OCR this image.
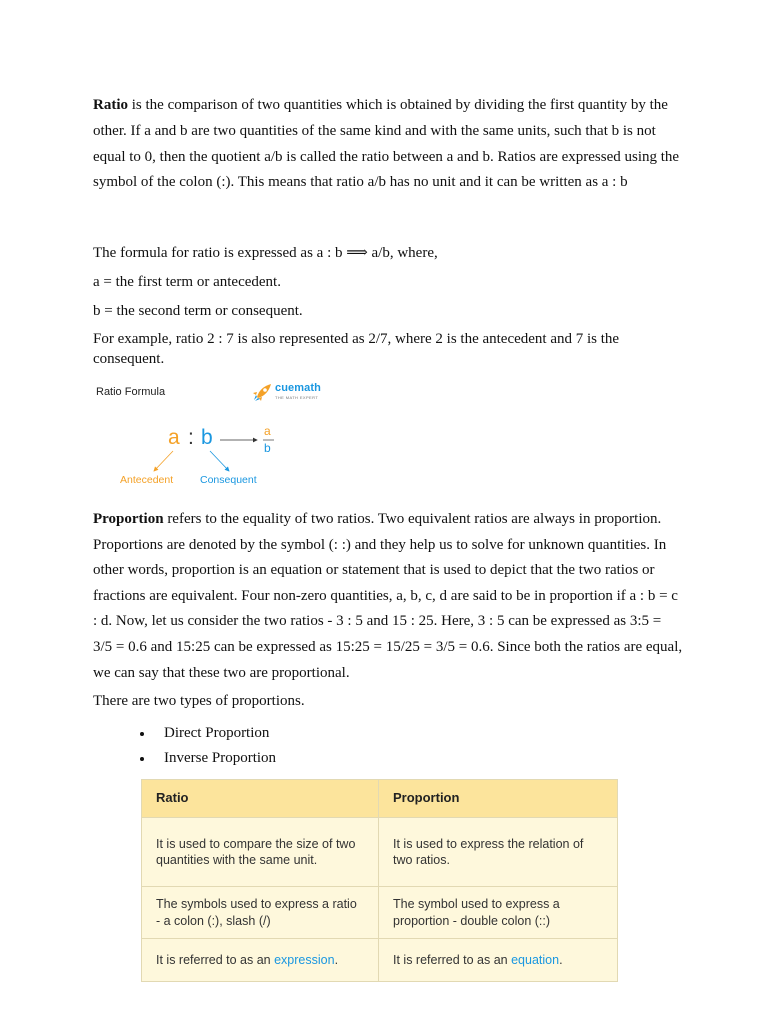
Ratio is the comparison of two quantities which is obtained by dividing the first quantity by the other. If a and b are two quantities of the same kind and with the same units, such that b is not equal to 0, then the quotient a/b is called the ratio between a and b. Ratios are expressed using the symbol of the colon (:). This means that ratio a/b has no unit and it can be written as a : b

The formula for ratio is expressed as a : b ⟹ a/b, where,

a = the first term or antecedent.

b = the second term or consequent.

For example, ratio 2 : 7 is also represented as 2/7, where 2 is the antecedent and 7 is the consequent.

Ratio Formula	cuemath
THE MATH EXPERT
a : b	a
b
Antecedent	Consequent

Proportion refers to the equality of two ratios. Two equivalent ratios are always in proportion. Proportions are denoted by the symbol (: :) and they help us to solve for unknown quantities. In other words, proportion is an equation or statement that is used to depict that the two ratios or fractions are equivalent. Four non-zero quantities, a, b, c, d are said to be in proportion if a : b = c : d. Now, let us consider the two ratios - 3 : 5 and 15 : 25. Here, 3 : 5 can be expressed as 3:5 = 3/5 = 0.6 and 15:25 can be expressed as 15:25 = 15/25 = 3/5 = 0.6. Since both the ratios are equal, we can say that these two are proportional.

There are two types of proportions.

Direct Proportion
Inverse Proportion
Ratio	Proportion
It is used to compare the size of two quantities with the same unit.	It is used to express the relation of two ratios.
The symbols used to express a ratio - a colon (:), slash (/)	The symbol used to express a proportion - double colon (::)
It is referred to as an expression.	It is referred to as an equation.
